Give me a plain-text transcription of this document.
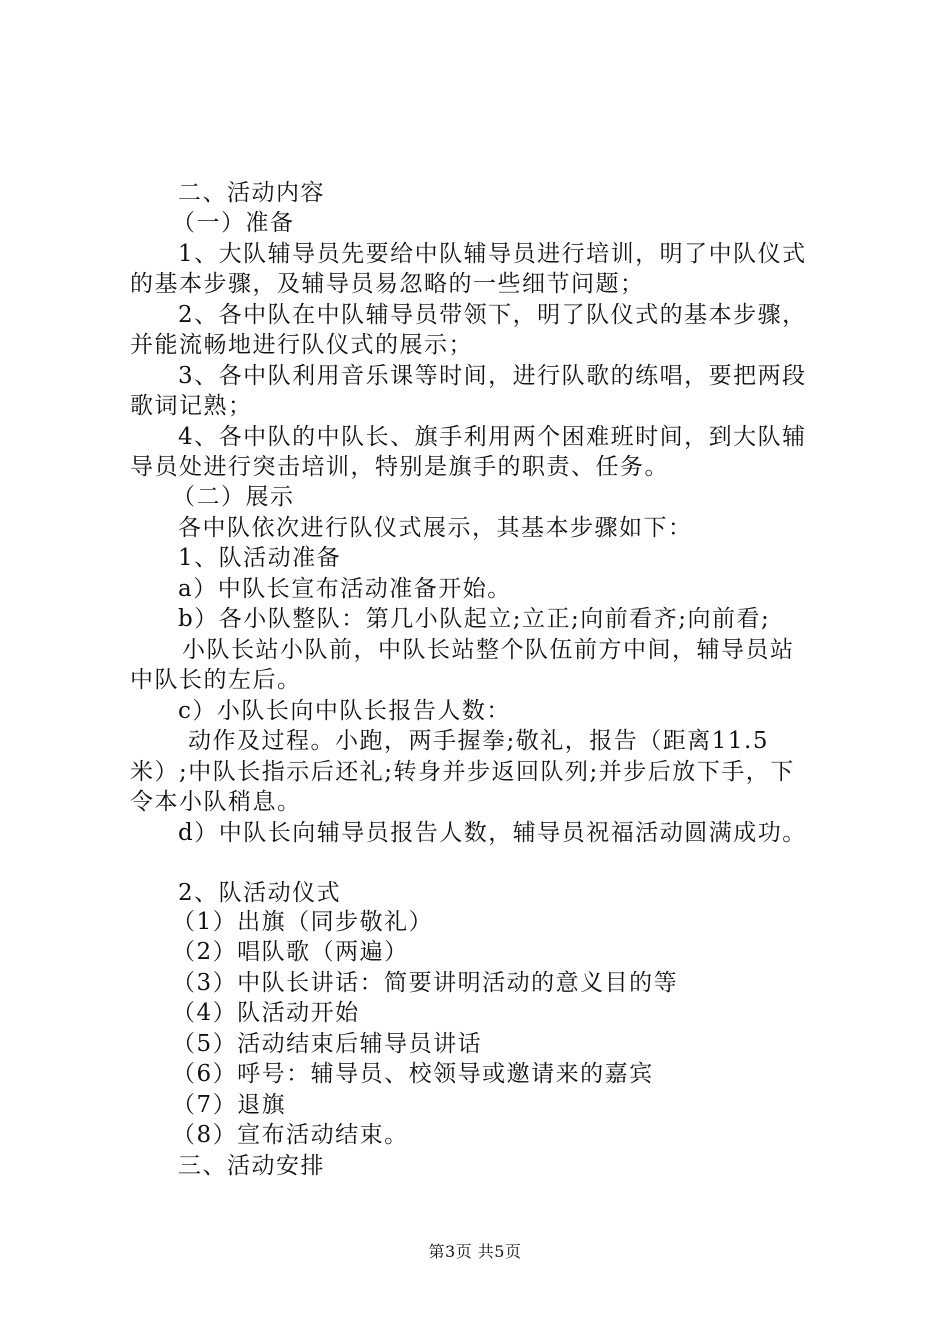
二、活动内容
（一）准备
1、大队辅导员先要给中队辅导员进行培训，明了中队仪式
的基本步骤，及辅导员易忽略的一些细节问题；
2、各中队在中队辅导员带领下，明了队仪式的基本步骤，
并能流畅地进行队仪式的展示；
3、各中队利用音乐课等时间，进行队歌的练唱，要把两段
歌词记熟；
4、各中队的中队长、旗手利用两个困难班时间，到大队辅
导员处进行突击培训，特别是旗手的职责、任务。
（二）展示
各中队依次进行队仪式展示，其基本步骤如下：
1、队活动准备
a）中队长宣布活动准备开始。
b）各小队整队：第几小队起立;立正;向前看齐;向前看;
小队长站小队前，中队长站整个队伍前方中间，辅导员站
中队长的左后。
c）小队长向中队长报告人数：
动作及过程。小跑，两手握拳;敬礼，报告（距离11.5
米）;中队长指示后还礼;转身并步返回队列;并步后放下手，下
令本小队稍息。
d）中队长向辅导员报告人数，辅导员祝福活动圆满成功。
2、队活动仪式
（1）出旗（同步敬礼）
（2）唱队歌（两遍）
（3）中队长讲话：简要讲明活动的意义目的等
（4）队活动开始
（5）活动结束后辅导员讲话
（6）呼号：辅导员、校领导或邀请来的嘉宾
（7）退旗
（8）宣布活动结束。
三、活动安排
第3页 共5页
